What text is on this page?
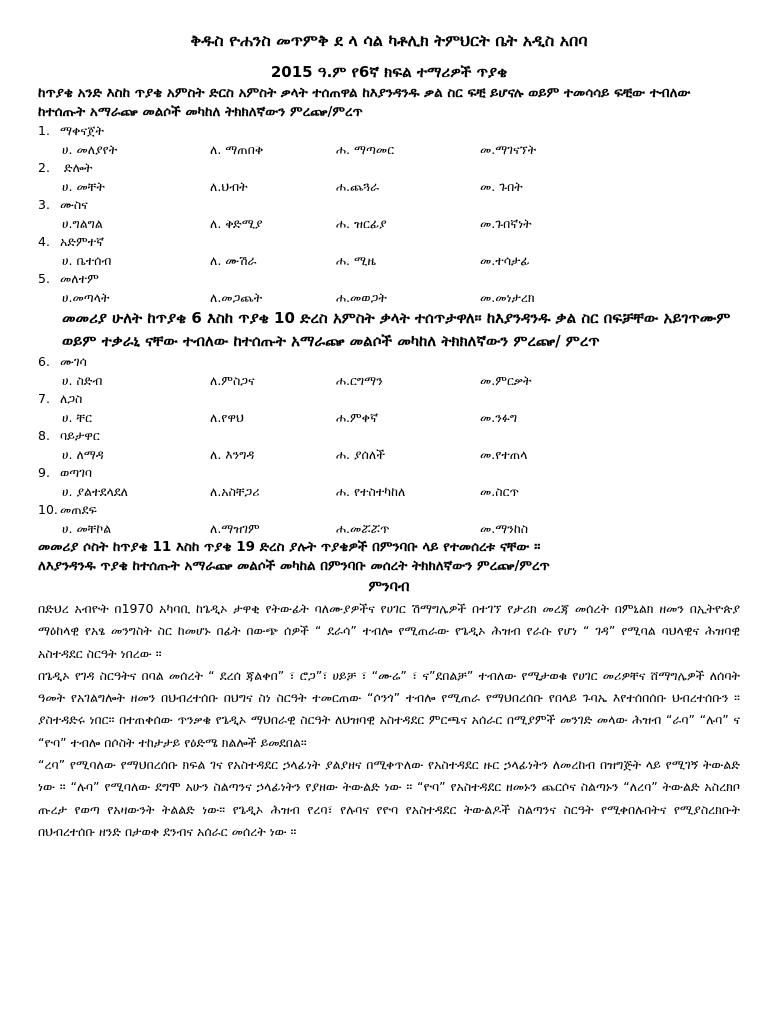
ቅዱስ ዮሐንስ መጥምቅ ደ ላ ሳል ካቶሊክ ትምህርት ቤት አዲስ አበባ

2015 ዓ.ም የ6ኛ ክፍል ተማሪዎች ጥያቄ

ከጥያቄ አንድ እስከ ጥያቄ አምስት ድርስ አምስት ቃላት ተሰጠዋል ከእያንዳንዱ ቃል ስር ፍቺ ይሆናሉ ወይም ተመሳሳይ ፍቺው ተብለው ከተሰጡት አማራጬ መልሶች መካከለ ትክክለኛውን ምረጬ/ምረጥ

1. ማቀናጀት

ሀ. መለያየት	ለ. ማጠበቅ	ሐ. ማጣመር	መ.ማገናኘት

2. ድሎት

ሀ. መቸት	ለ.ህብት	ሐ.ጨጓራ	መ. ጉበት

3. ሙስና

ሀ.ግልግል	ለ. ቅድሚያ	ሐ. ዝርፊያ	መ.ጉበኛነት

4. አድምተኛ

ሀ. ቤተሰብ	ለ. ሙሽራ	ሐ. ሚዜ	መ.ተሳታፊ

5. መለተም

ሀ.መጣላት	ለ.መጋጨት	ሐ.መወጋት	መ.መነታረክ

መመሪያ ሁለት ከጥያቄ 6 እስከ ጥያቄ 10 ድረስ አምስት ቃላት ተሰጥታዋለ። ከእያንዳንዱ ቃል ስር በፍቻቸው አይገጥሙም ወይም ተቃራኒ ናቸው ተብለው ከተሰጡት አማራጬ መልሶች መካከለ ትክክለኛውን ምረጬ/ ምረጥ

6. ሙገሳ

ሀ. ስድብ	ለ.ምስጋና	ሐ.ርግማን	መ.ምርቃት

7. ለጋስ

ሀ. ቸር	ለ.የዋህ	ሐ.ምቀኛ	መ.ንፉግ

8. ባይታዋር

ሀ. ለማዳ	ለ. እንግዳ	ሐ. ያሰለች	መ.የተጠላ

9. ወጣገባ

ሀ. ያልተደላደለ	ለ.አስቸጋሪ	ሐ. የተስተካከለ	መ.ስርጥ

10. መጠደፍ

ሀ. መቸኮል	ለ.ማዝገም	ሐ.መሯሯጥ	መ.ማንከስ

መመሪያ ሶስት ከጥያቄ 11 እስከ ጥያቄ 19 ድረስ ያሉት ጥያቄዎች በምንባቡ ላይ የተመሰረቱ ናቸው ።

ለእያንዳንዱ ጥያቄ ከተሰጡት አማራጬ መልሶች መካከል በምንባቡ መሰረት ትክክለኛውን ምረጬ/ምረጥ

ምንባብ

በድህረ አብዮት በ1970 አካባቢ ከጌዲኦ ታዋቂ የትውፊት ባለሙያዎችና የሀገር ሽማግሌዎች በተገኘ የታሪክ መረጃ መሰረት በምኒልክ ዘመን በኢትዮጵያ ማዕከላዊ የአፄ መንግስት ስር ከመሆኑ በፊት በውጭ ሰዎች “ ደራሳ” ተብሎ የሚጠራው የጌዲኦ ሕዝብ የራሱ የሆነ “ ገዳ” የሚባል ባህላዊና ሕዝባዊ አስተዳደር ስርዓት ነበረው ።

በጌዲኦ የገዳ ስርዓትና በባል መሰረት “ ደረሰ ጃልቀበ” ፣ ሮጋ”፣ ሀይቻ ፣ “ሙሬ” ፣ ና”ደበልቻ” ተብለው የሚታወቁ የሀገር መሪዎቸና ሸማግሌዎች ለሰባት ዓመት የአገልግሎት ዘመን በህብረተሰቡ በህግና ስነ ስርዓት ተመርጠው “ሶንጎ” ተብሎ የሚጠራ የማህበረሰቡ የበላይ ጉባኤ እየተሰበሰቡ ህብረተሰቡን ። ያስተዳድሩ ነበር። በተጠቀሰው ጥንቃቄ የጌዲኦ ማህበራዊ ስርዓት ለህዝባዊ አስተዳደር ምርጫና አሰራር በሚያምች መንገድ መላው ሕዝብ “ራባ” “ሉባ” ና “ዮባ” ተብሎ በሶስት ተከታታይ የዕድሜ ክልሎች ይመደበል።

“ረባ” የሚባለው የማህበረሰቡ ክፍል ገና የአስተዳደር ኃላፊነት ያልያዘና በሚቀጥለው የአስተዳደር ዙር ኃላፊነትን ለመረከብ በዝግጅት ላይ የሚገኝ ትውልድ ነው ። “ሉባ” የሚባለው ደግሞ አሁን ስልጣንና ኃላፊነትን የያዘው ትውልድ ነው ። “ዮባ” የአስተዳደር ዘመኑን ጨርሶና ስልጣኑን “ለረባ” ትውልድ አስረክቦ ጡረታ የወጣ የአዛውንት ትልልድ ነው። የጌዲኦ ሕዝብ የረባ፣ የሉባና የዮባ የአስተዳደር ትውልዶች ስልጣንና ስርዓት የሚቀበሉበትና የሚያስረክቡት በህብረተሰቡ ዘንድ በታወቀ ደንብና አሰራር መሰረት ነው ።
